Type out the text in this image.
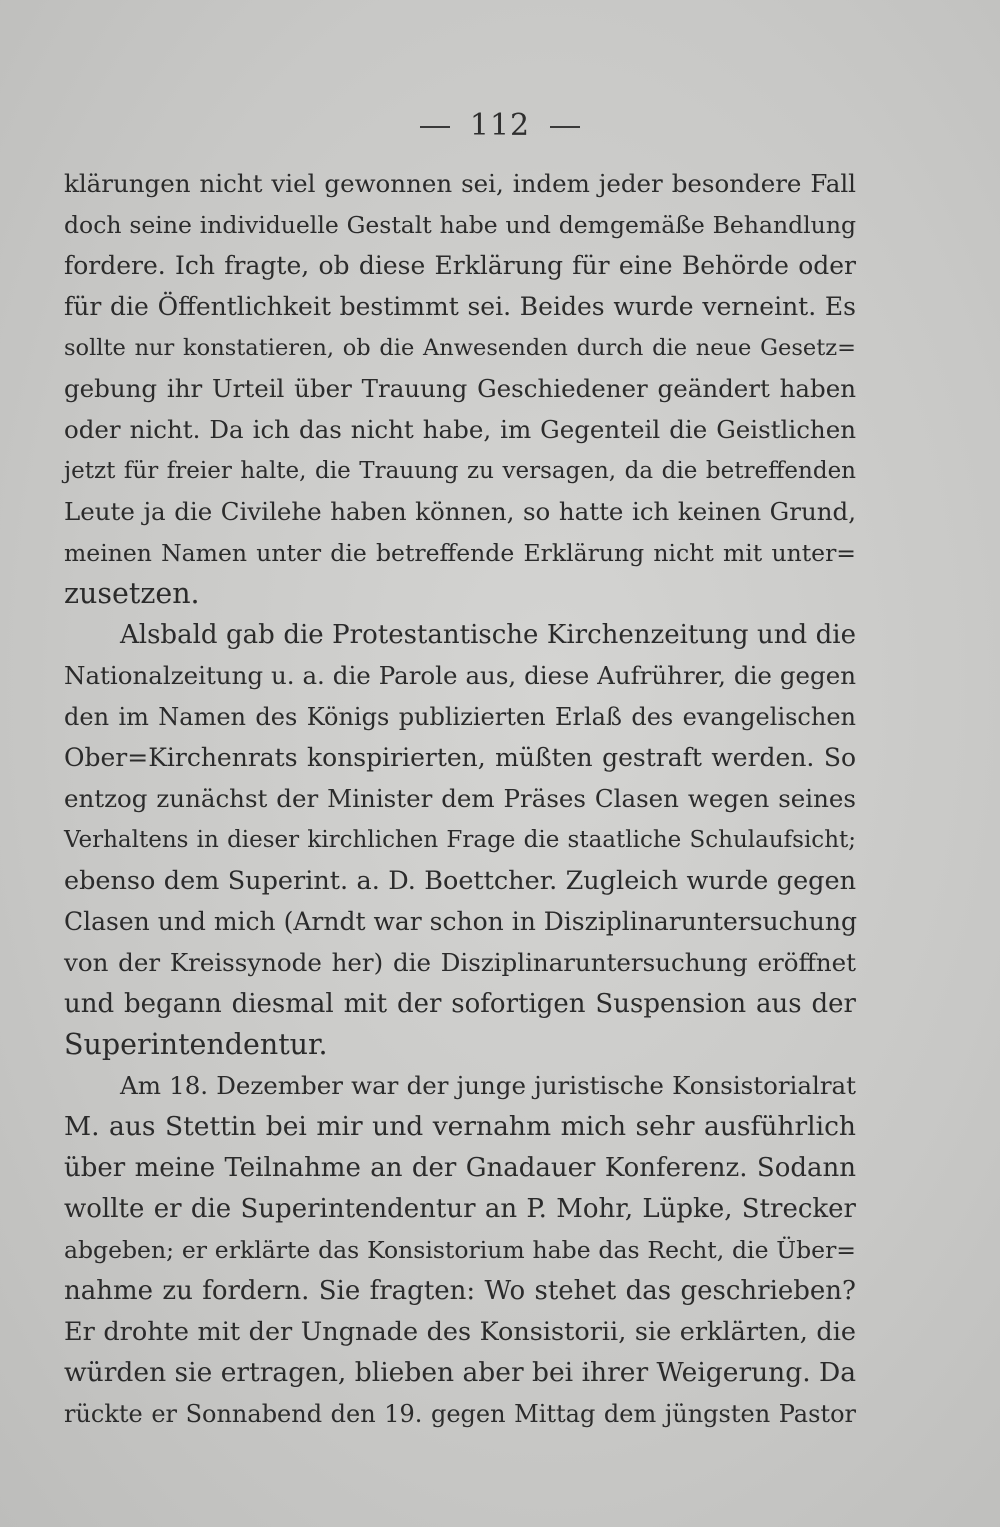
112
klärungen nicht viel gewonnen sei, indem jeder besondere Fall
doch seine individuelle Gestalt habe und demgemäße Behandlung
fordere. Ich fragte, ob diese Erklärung für eine Behörde oder
für die Öffentlichkeit bestimmt sei. Beides wurde verneint. Es
sollte nur konstatieren, ob die Anwesenden durch die neue Gesetz=
gebung ihr Urteil über Trauung Geschiedener geändert haben
oder nicht. Da ich das nicht habe, im Gegenteil die Geistlichen
jetzt für freier halte, die Trauung zu versagen, da die betreffenden
Leute ja die Civilehe haben können, so hatte ich keinen Grund,
meinen Namen unter die betreffende Erklärung nicht mit unter=
zusetzen.
Alsbald gab die Protestantische Kirchenzeitung und die
Nationalzeitung u. a. die Parole aus, diese Aufrührer, die gegen
den im Namen des Königs publizierten Erlaß des evangelischen
Ober=Kirchenrats konspirierten, müßten gestraft werden. So
entzog zunächst der Minister dem Präses Clasen wegen seines
Verhaltens in dieser kirchlichen Frage die staatliche Schulaufsicht;
ebenso dem Superint. a. D. Boettcher. Zugleich wurde gegen
Clasen und mich (Arndt war schon in Disziplinaruntersuchung
von der Kreissynode her) die Disziplinaruntersuchung eröffnet
und begann diesmal mit der sofortigen Suspension aus der
Superintendentur.
Am 18. Dezember war der junge juristische Konsistorialrat
M. aus Stettin bei mir und vernahm mich sehr ausführlich
über meine Teilnahme an der Gnadauer Konferenz. Sodann
wollte er die Superintendentur an P. Mohr, Lüpke, Strecker
abgeben; er erklärte das Konsistorium habe das Recht, die Über=
nahme zu fordern. Sie fragten: Wo stehet das geschrieben?
Er drohte mit der Ungnade des Konsistorii, sie erklärten, die
würden sie ertragen, blieben aber bei ihrer Weigerung. Da
rückte er Sonnabend den 19. gegen Mittag dem jüngsten Pastor
